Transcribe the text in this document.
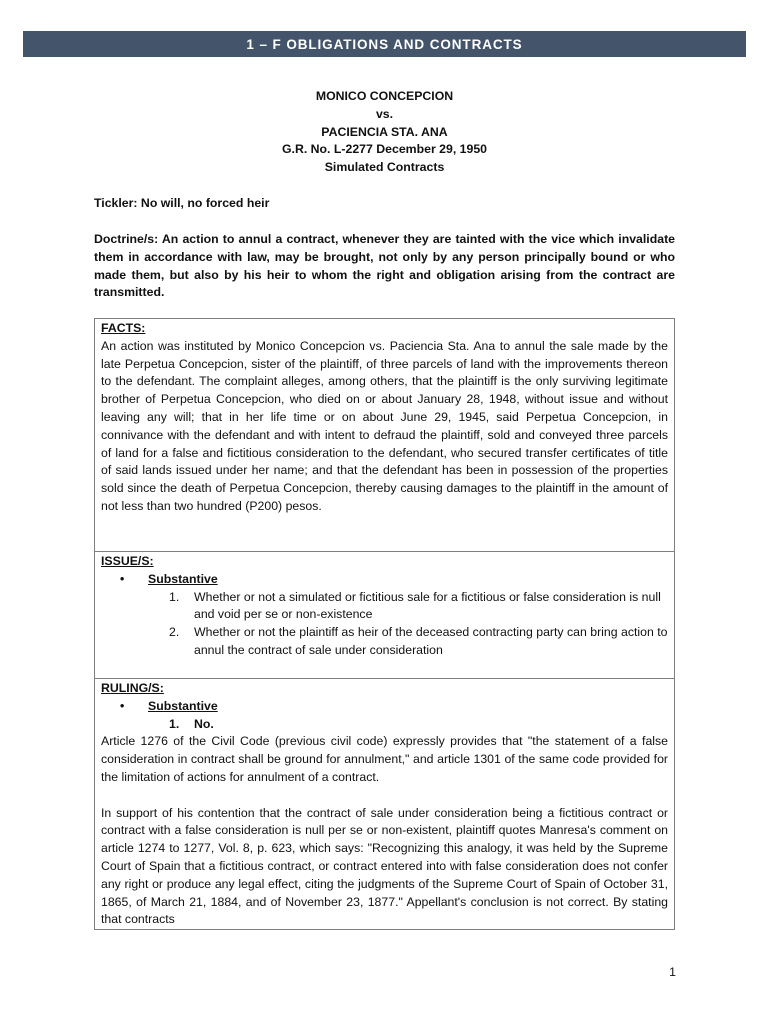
1 – F OBLIGATIONS AND CONTRACTS
MONICO CONCEPCION
vs.
PACIENCIA STA. ANA
G.R. No. L-2277 December 29, 1950
Simulated Contracts
Tickler: No will, no forced heir
Doctrine/s: An action to annul a contract, whenever they are tainted with the vice which invalidate them in accordance with law, may be brought, not only by any person principally bound or who made them, but also by his heir to whom the right and obligation arising from the contract are transmitted.
FACTS:
An action was instituted by Monico Concepcion vs. Paciencia Sta. Ana to annul the sale made by the late Perpetua Concepcion, sister of the plaintiff, of three parcels of land with the improvements thereon to the defendant. The complaint alleges, among others, that the plaintiff is the only surviving legitimate brother of Perpetua Concepcion, who died on or about January 28, 1948, without issue and without leaving any will; that in her life time or on about June 29, 1945, said Perpetua Concepcion, in connivance with the defendant and with intent to defraud the plaintiff, sold and conveyed three parcels of land for a false and fictitious consideration to the defendant, who secured transfer certificates of title of said lands issued under her name; and that the defendant has been in possession of the properties sold since the death of Perpetua Concepcion, thereby causing damages to the plaintiff in the amount of not less than two hundred (P200) pesos.
ISSUE/S:
• Substantive
1. Whether or not a simulated or fictitious sale for a fictitious or false consideration is null and void per se or non-existence
2. Whether or not the plaintiff as heir of the deceased contracting party can bring action to annul the contract of sale under consideration
RULING/S:
• Substantive
1. No.
Article 1276 of the Civil Code (previous civil code) expressly provides that "the statement of a false consideration in contract shall be ground for annulment," and article 1301 of the same code provided for the limitation of actions for annulment of a contract.
In support of his contention that the contract of sale under consideration being a fictitious contract or contract with a false consideration is null per se or non-existent, plaintiff quotes Manresa's comment on article 1274 to 1277, Vol. 8, p. 623, which says: "Recognizing this analogy, it was held by the Supreme Court of Spain that a fictitious contract, or contract entered into with false consideration does not confer any right or produce any legal effect, citing the judgments of the Supreme Court of Spain of October 31, 1865, of March 21, 1884, and of November 23, 1877." Appellant's conclusion is not correct. By stating that contracts
1
